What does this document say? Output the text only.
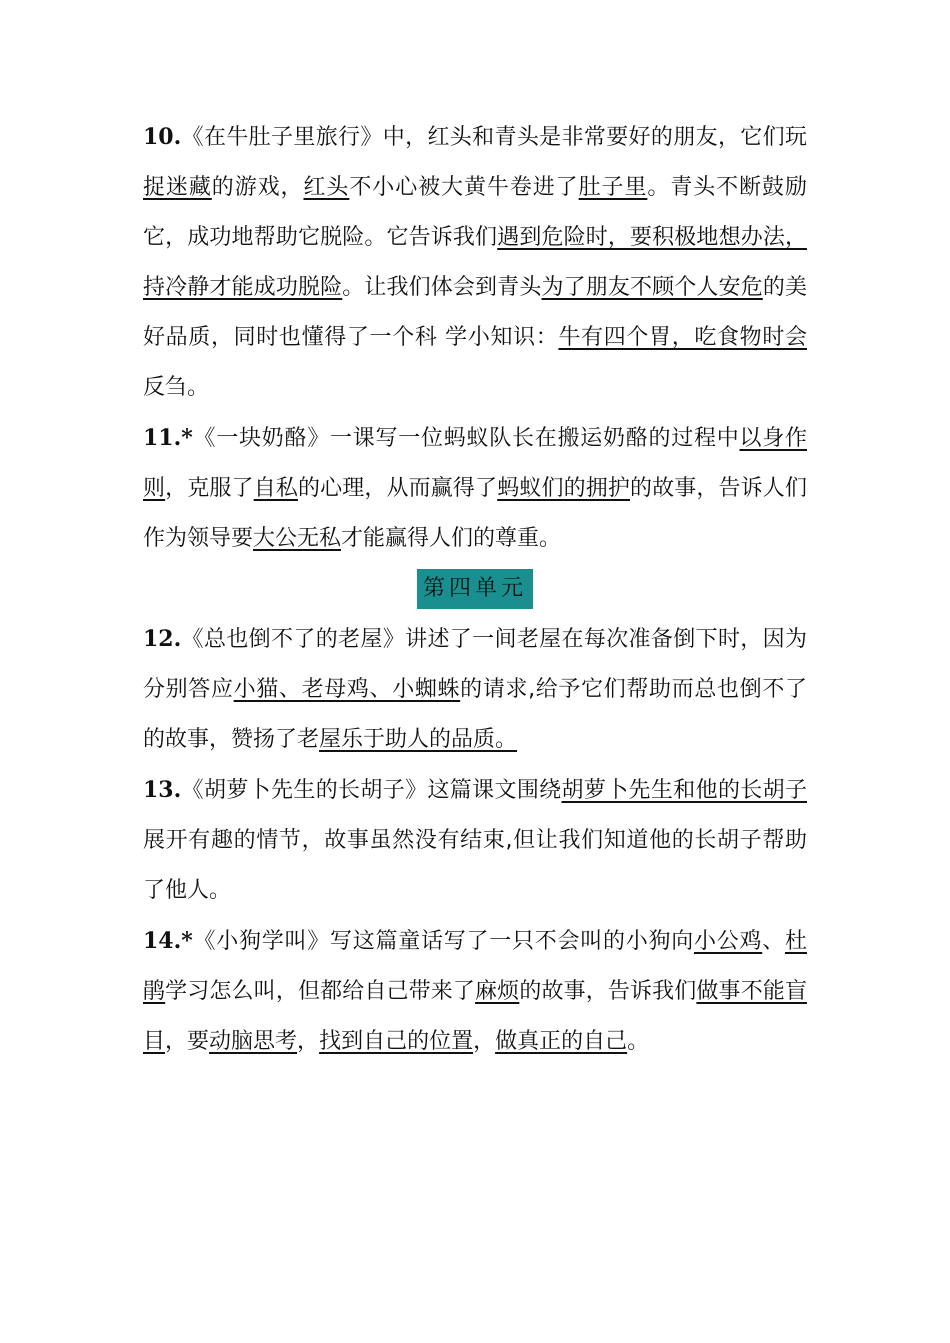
10.《在牛肚子里旅行》中，红头和青头是非常要好的朋友，它们玩捉迷藏的游戏，红头不小心被大黄牛卷进了肚子里。青头不断鼓励它，成功地帮助它脱险。它告诉我们遇到危险时，要积极地想办法，持冷静才能成功脱险。让我们体会到青头为了朋友不顾个人安危的美好品质，同时也懂得了一个科 学小知识：牛有四个胃，吃食物时会反刍。

11.*《一块奶酪》一课写一位蚂蚁队长在搬运奶酪的过程中以身作则，克服了自私的心理，从而赢得了蚂蚁们的拥护的故事，告诉人们作为领导要大公无私才能赢得人们的尊重。

第四单元

12.《总也倒不了的老屋》讲述了一间老屋在每次准备倒下时，因为分别答应小猫、老母鸡、小蜘蛛的请求,给予它们帮助而总也倒不了的故事，赞扬了老屋乐于助人的品质。

13.《胡萝卜先生的长胡子》这篇课文围绕胡萝卜先生和他的长胡子展开有趣的情节，故事虽然没有结束,但让我们知道他的长胡子帮助了他人。

14.*《小狗学叫》写这篇童话写了一只不会叫的小狗向小公鸡、杜鹃学习怎么叫，但都给自己带来了麻烦的故事，告诉我们做事不能盲目，要动脑思考，找到自己的位置，做真正的自己。
